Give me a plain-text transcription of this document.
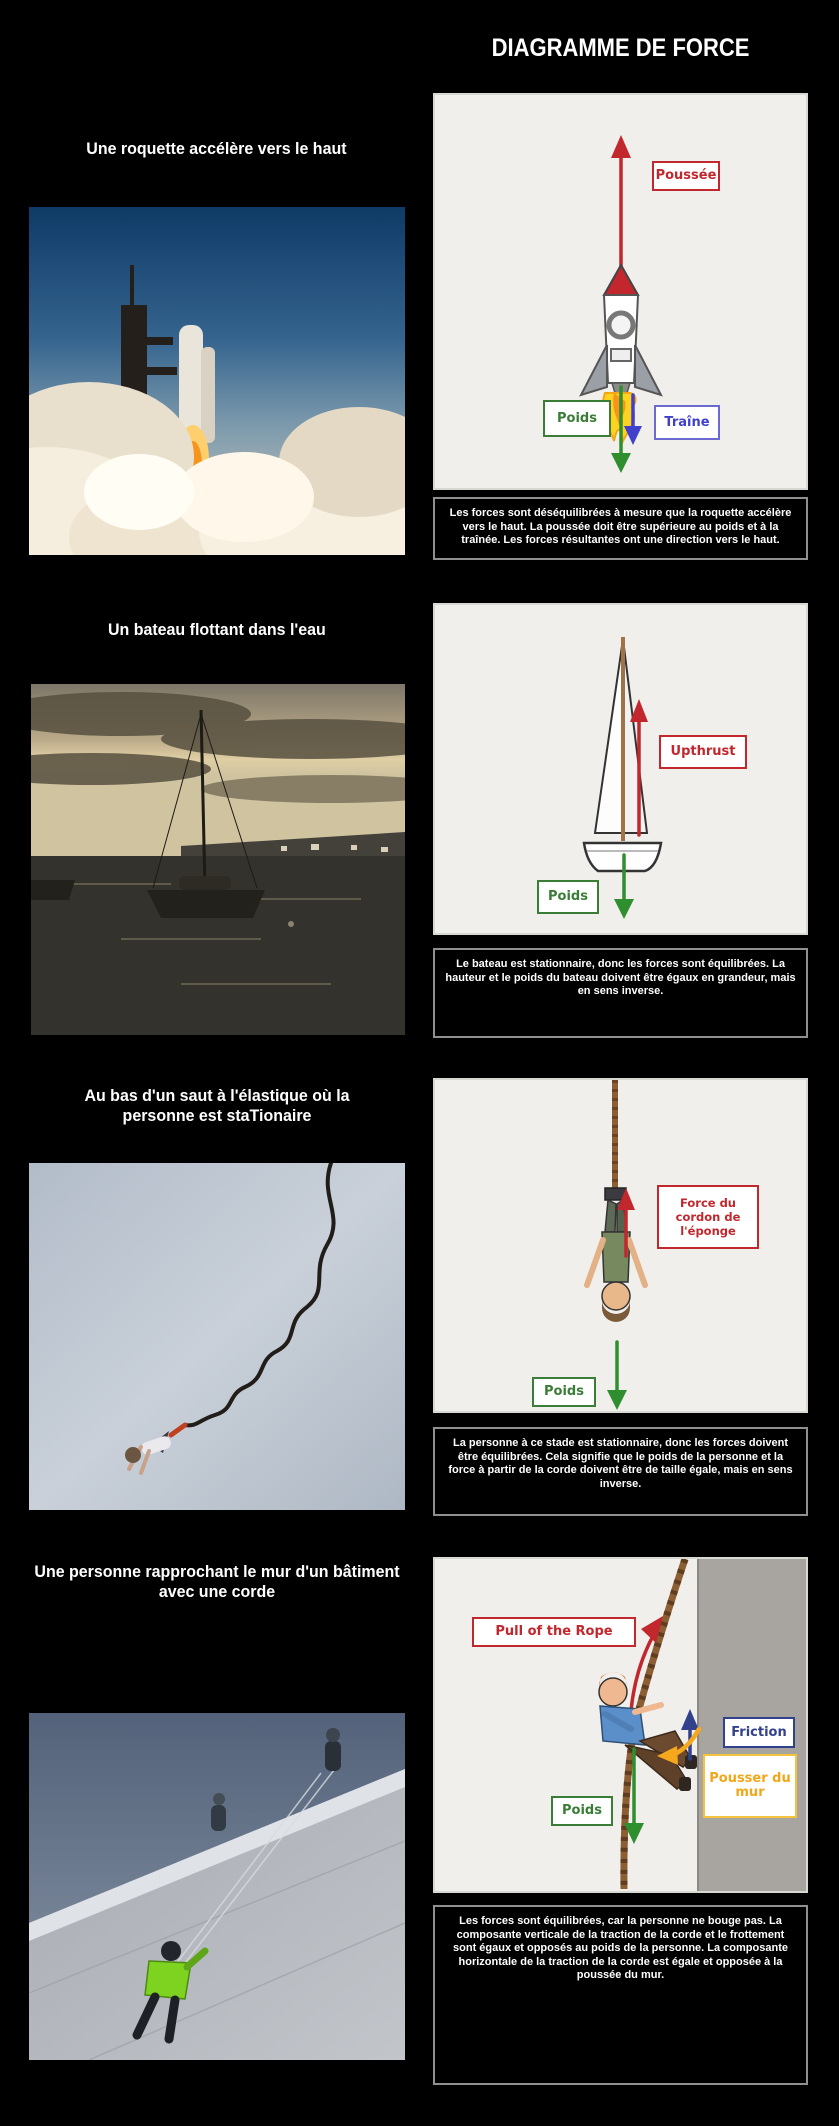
DIAGRAMME DE FORCE
Une roquette accélère vers le haut
Poussée
Poids	Traîne
Les forces sont déséquilibrées à mesure que la roquette accélère vers le haut. La poussée doit être supérieure au poids et à la traînée. Les forces résultantes ont une direction vers le haut.
Un bateau flottant dans l'eau
Upthrust
Poids
Le bateau est stationnaire, donc les forces sont équilibrées. La hauteur et le poids du bateau doivent être égaux en grandeur, mais en sens inverse.
Au bas d'un saut à l'élastique où la personne est staTionaire
Force du cordon de l'éponge
Poids
La personne à ce stade est stationnaire, donc les forces doivent être équilibrées. Cela signifie que le poids de la personne et la force à partir de la corde doivent être de taille égale, mais en sens inverse.
Une personne rapprochant le mur d'un bâtiment avec une corde
Pull of the Rope
Friction
Pousser du mur
Poids
Les forces sont équilibrées, car la personne ne bouge pas. La composante verticale de la traction de la corde et le frottement sont égaux et opposés au poids de la personne. La composante horizontale de la traction de la corde est égale et opposée à la poussée du mur.
